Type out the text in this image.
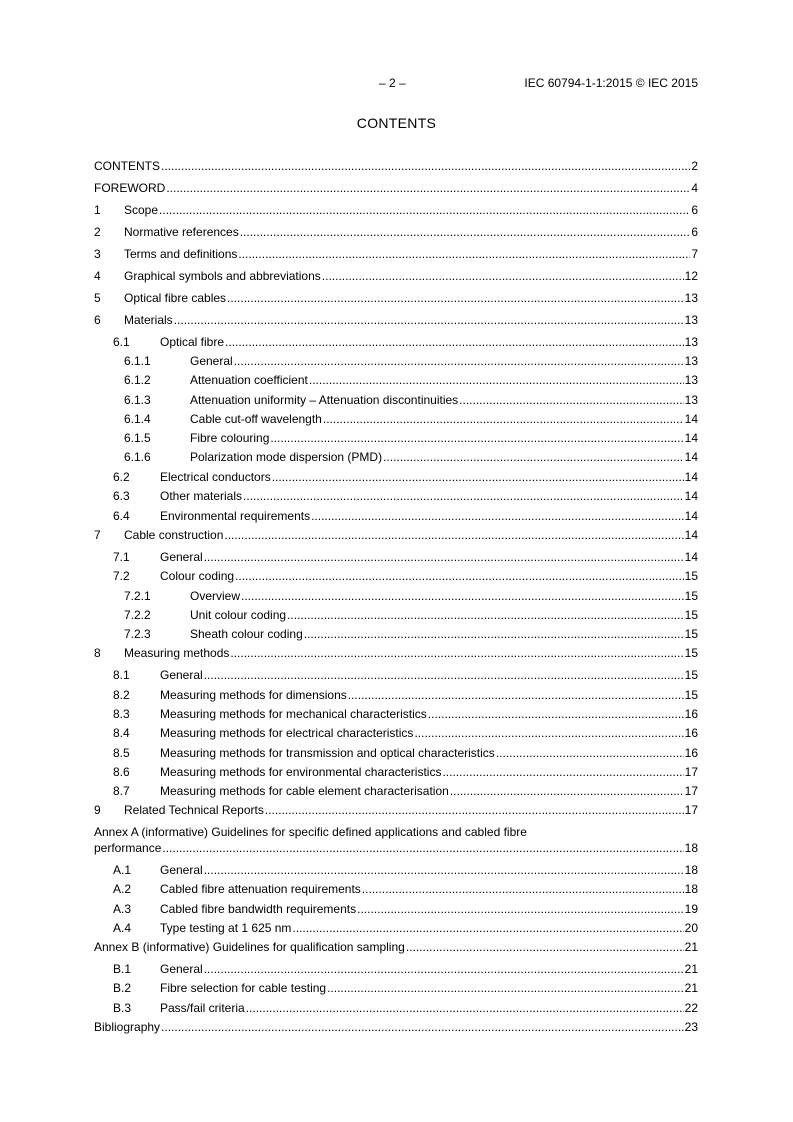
– 2 –	IEC 60794-1-1:2015 © IEC 2015
CONTENTS
CONTENTS .....	2
FOREWORD .....	4
1	Scope .....	6
2	Normative references .....	6
3	Terms and definitions .....	7
4	Graphical symbols and abbreviations .....	12
5	Optical fibre cables .....	13
6	Materials .....	13
6.1	Optical fibre .....	13
6.1.1	General .....	13
6.1.2	Attenuation coefficient .....	13
6.1.3	Attenuation uniformity – Attenuation discontinuities .....	13
6.1.4	Cable cut-off wavelength .....	14
6.1.5	Fibre colouring .....	14
6.1.6	Polarization mode dispersion (PMD) .....	14
6.2	Electrical conductors .....	14
6.3	Other materials .....	14
6.4	Environmental requirements .....	14
7	Cable construction .....	14
7.1	General .....	14
7.2	Colour coding .....	15
7.2.1	Overview .....	15
7.2.2	Unit colour coding .....	15
7.2.3	Sheath colour coding .....	15
8	Measuring methods .....	15
8.1	General .....	15
8.2	Measuring methods for dimensions .....	15
8.3	Measuring methods for mechanical characteristics .....	16
8.4	Measuring methods for electrical characteristics .....	16
8.5	Measuring methods for transmission and optical characteristics .....	16
8.6	Measuring methods for environmental characteristics .....	17
8.7	Measuring methods for cable element characterisation .....	17
9	Related Technical Reports .....	17
Annex A (informative) Guidelines for specific defined applications and cabled fibre
performance .....	18
A.1	General .....	18
A.2	Cabled fibre attenuation requirements .....	18
A.3	Cabled fibre bandwidth requirements .....	19
A.4	Type testing at 1 625 nm .....	20
Annex B (informative) Guidelines for qualification sampling .....	21
B.1	General .....	21
B.2	Fibre selection for cable testing .....	21
B.3	Pass/fail criteria .....	22
Bibliography .....	23
